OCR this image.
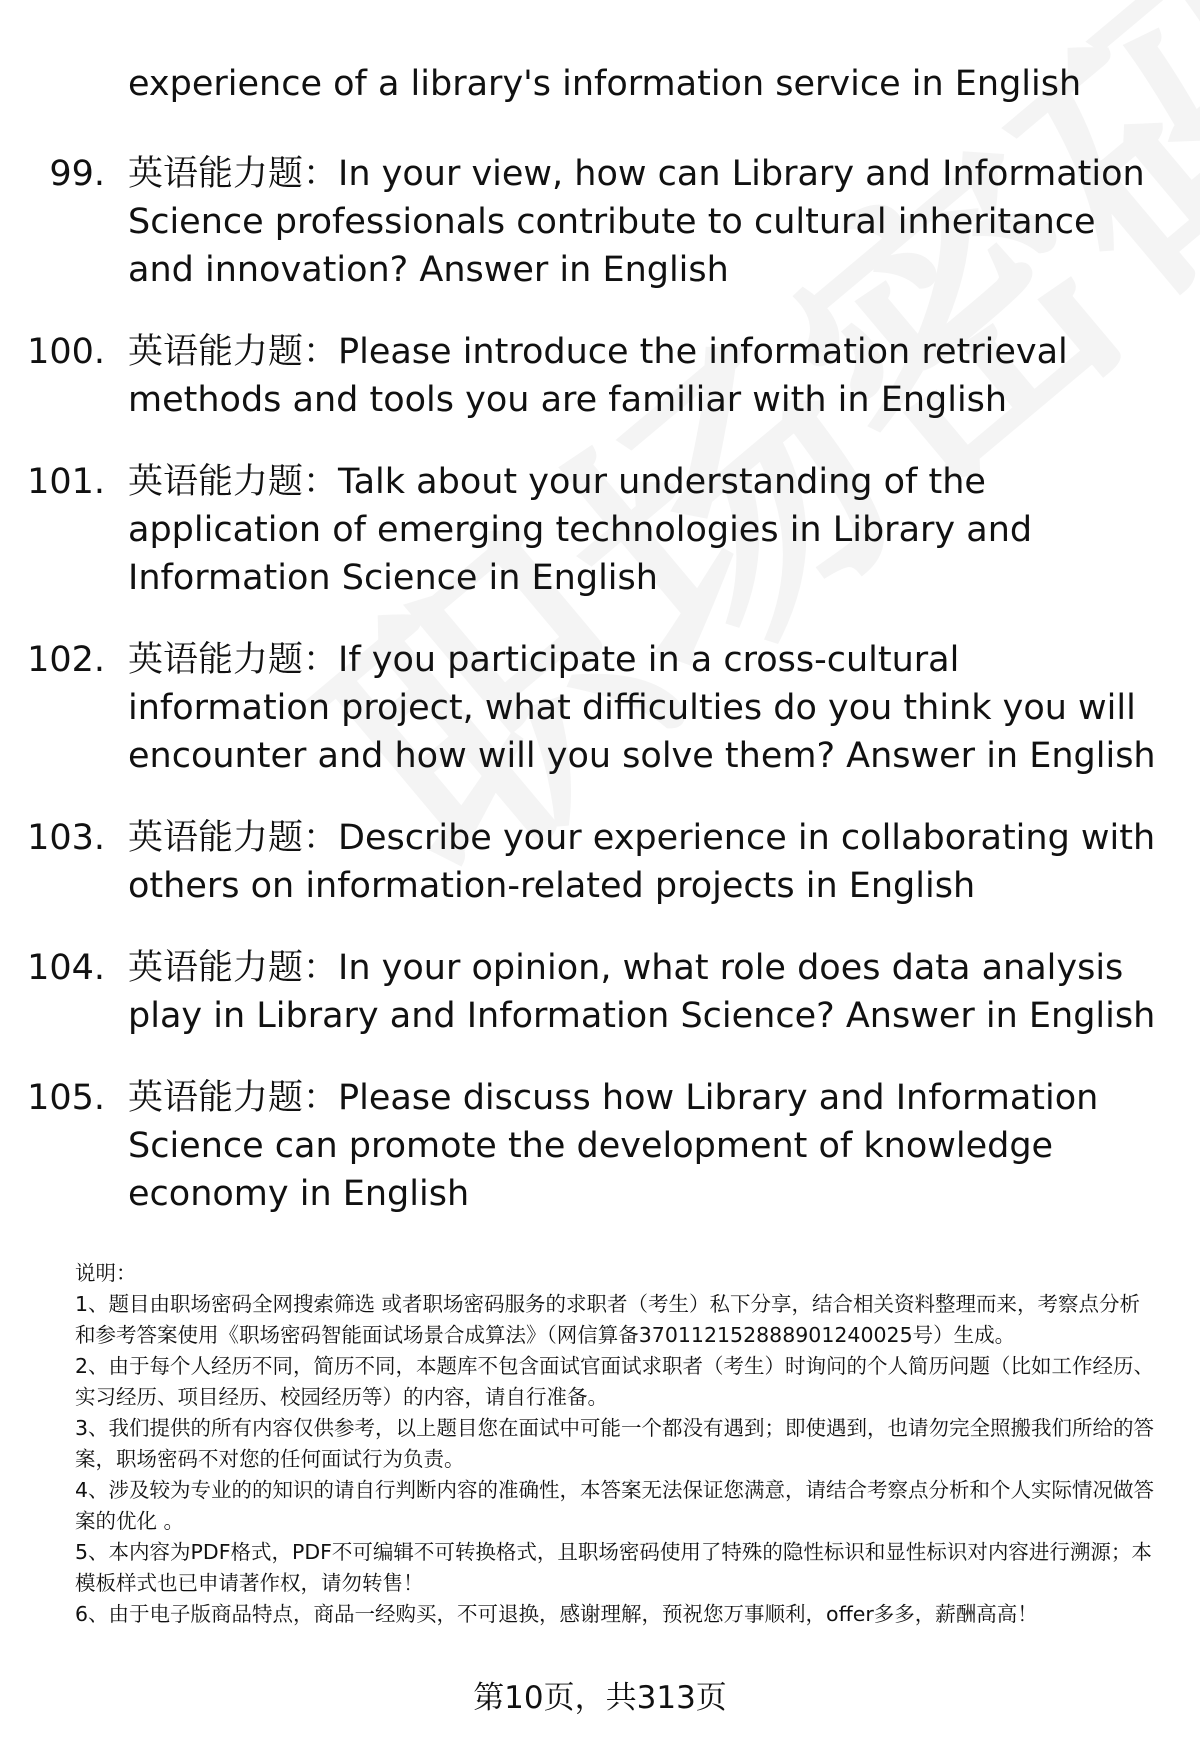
experience of a library's information service in English
99. 英语能力题：In your view, how can Library and Information Science professionals contribute to cultural inheritance and innovation? Answer in English
100. 英语能力题：Please introduce the information retrieval methods and tools you are familiar with in English
101. 英语能力题：Talk about your understanding of the application of emerging technologies in Library and Information Science in English
102. 英语能力题：If you participate in a cross-cultural information project, what difficulties do you think you will encounter and how will you solve them? Answer in English
103. 英语能力题：Describe your experience in collaborating with others on information-related projects in English
104. 英语能力题：In your opinion, what role does data analysis play in Library and Information Science? Answer in English
105. 英语能力题：Please discuss how Library and Information Science can promote the development of knowledge economy in English

说明：

1、题目由职场密码全网搜索筛选 或者职场密码服务的求职者（考生）私下分享，结合相关资料整理而来，考察点分析和参考答案使用《职场密码智能面试场景合成算法》（网信算备370112152888901240025号）生成。

2、由于每个人经历不同，简历不同，本题库不包含面试官面试求职者（考生）时询问的个人简历问题（比如工作经历、实习经历、项目经历、校园经历等）的内容，请自行准备。

3、我们提供的所有内容仅供参考，以上题目您在面试中可能一个都没有遇到；即使遇到，也请勿完全照搬我们所给的答案，职场密码不对您的任何面试行为负责。

4、涉及较为专业的的知识的请自行判断内容的准确性，本答案无法保证您满意，请结合考察点分析和个人实际情况做答案的优化 。

5、本内容为PDF格式，PDF不可编辑不可转换格式，且职场密码使用了特殊的隐性标识和显性标识对内容进行溯源；本模板样式也已申请著作权，请勿转售！

6、由于电子版商品特点，商品一经购买，不可退换，感谢理解，预祝您万事顺利，offer多多，薪酬高高！

第10页，共313页
